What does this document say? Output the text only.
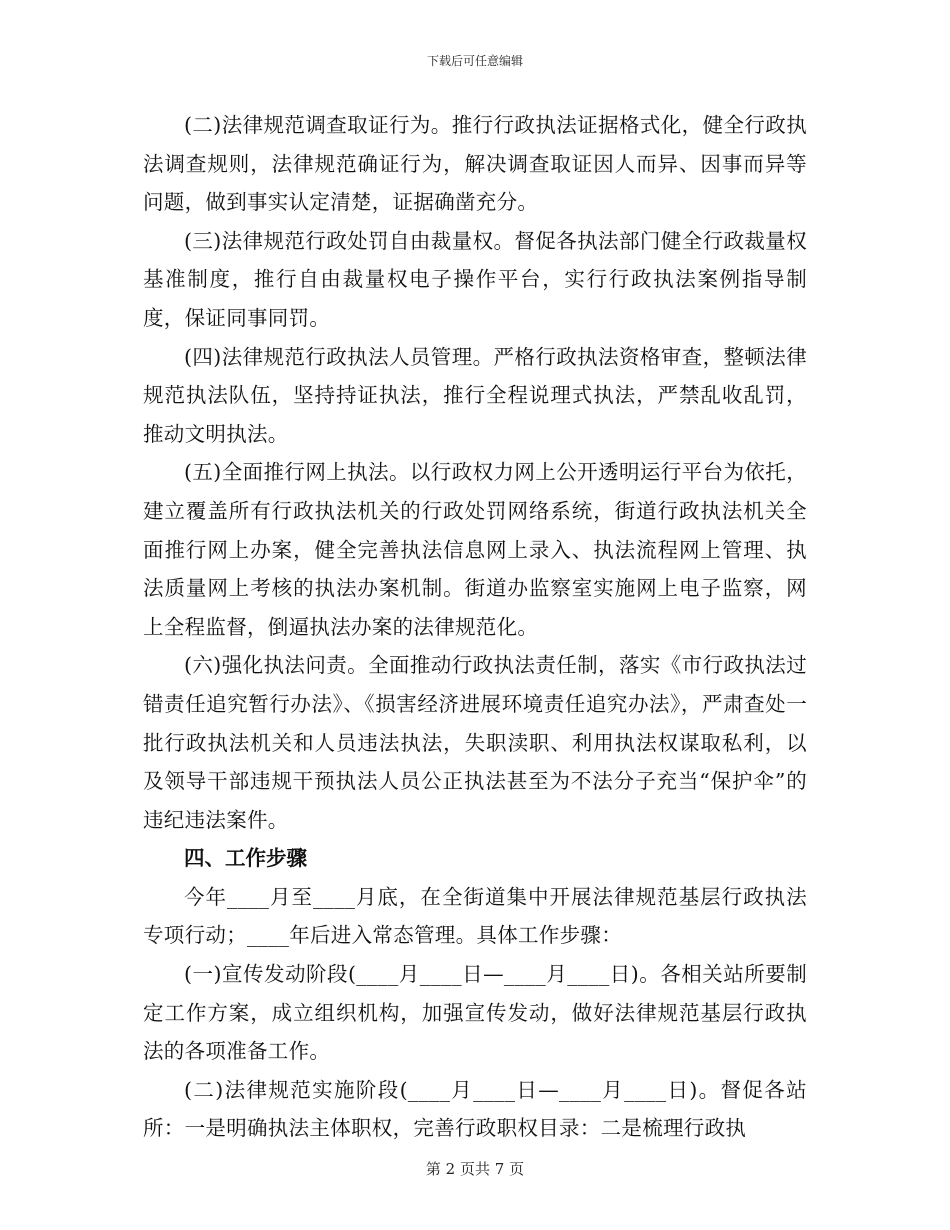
下载后可任意编辑

(二)法律规范调查取证行为。推行行政执法证据格式化，健全行政执法调查规则，法律规范确证行为，解决调查取证因人而异、因事而异等问题，做到事实认定清楚，证据确凿充分。

(三)法律规范行政处罚自由裁量权。督促各执法部门健全行政裁量权基准制度，推行自由裁量权电子操作平台，实行行政执法案例指导制度，保证同事同罚。

(四)法律规范行政执法人员管理。严格行政执法资格审查，整顿法律规范执法队伍，坚持持证执法，推行全程说理式执法，严禁乱收乱罚，推动文明执法。

(五)全面推行网上执法。以行政权力网上公开透明运行平台为依托，建立覆盖所有行政执法机关的行政处罚网络系统，街道行政执法机关全面推行网上办案，健全完善执法信息网上录入、执法流程网上管理、执法质量网上考核的执法办案机制。街道办监察室实施网上电子监察，网上全程监督，倒逼执法办案的法律规范化。

(六)强化执法问责。全面推动行政执法责任制，落实《市行政执法过错责任追究暂行办法》、《损害经济进展环境责任追究办法》，严肃查处一批行政执法机关和人员违法执法，失职渎职、利用执法权谋取私利，以及领导干部违规干预执法人员公正执法甚至为不法分子充当“保护伞”的违纪违法案件。

四、工作步骤

今年____月至____月底，在全街道集中开展法律规范基层行政执法专项行动；____年后进入常态管理。具体工作步骤：

(一)宣传发动阶段(____月____日—____月____日)。各相关站所要制定工作方案，成立组织机构，加强宣传发动，做好法律规范基层行政执法的各项准备工作。

(二)法律规范实施阶段(____月____日—____月____日)。督促各站所：一是明确执法主体职权，完善行政职权目录：二是梳理行政执

第 2 页共 7 页
